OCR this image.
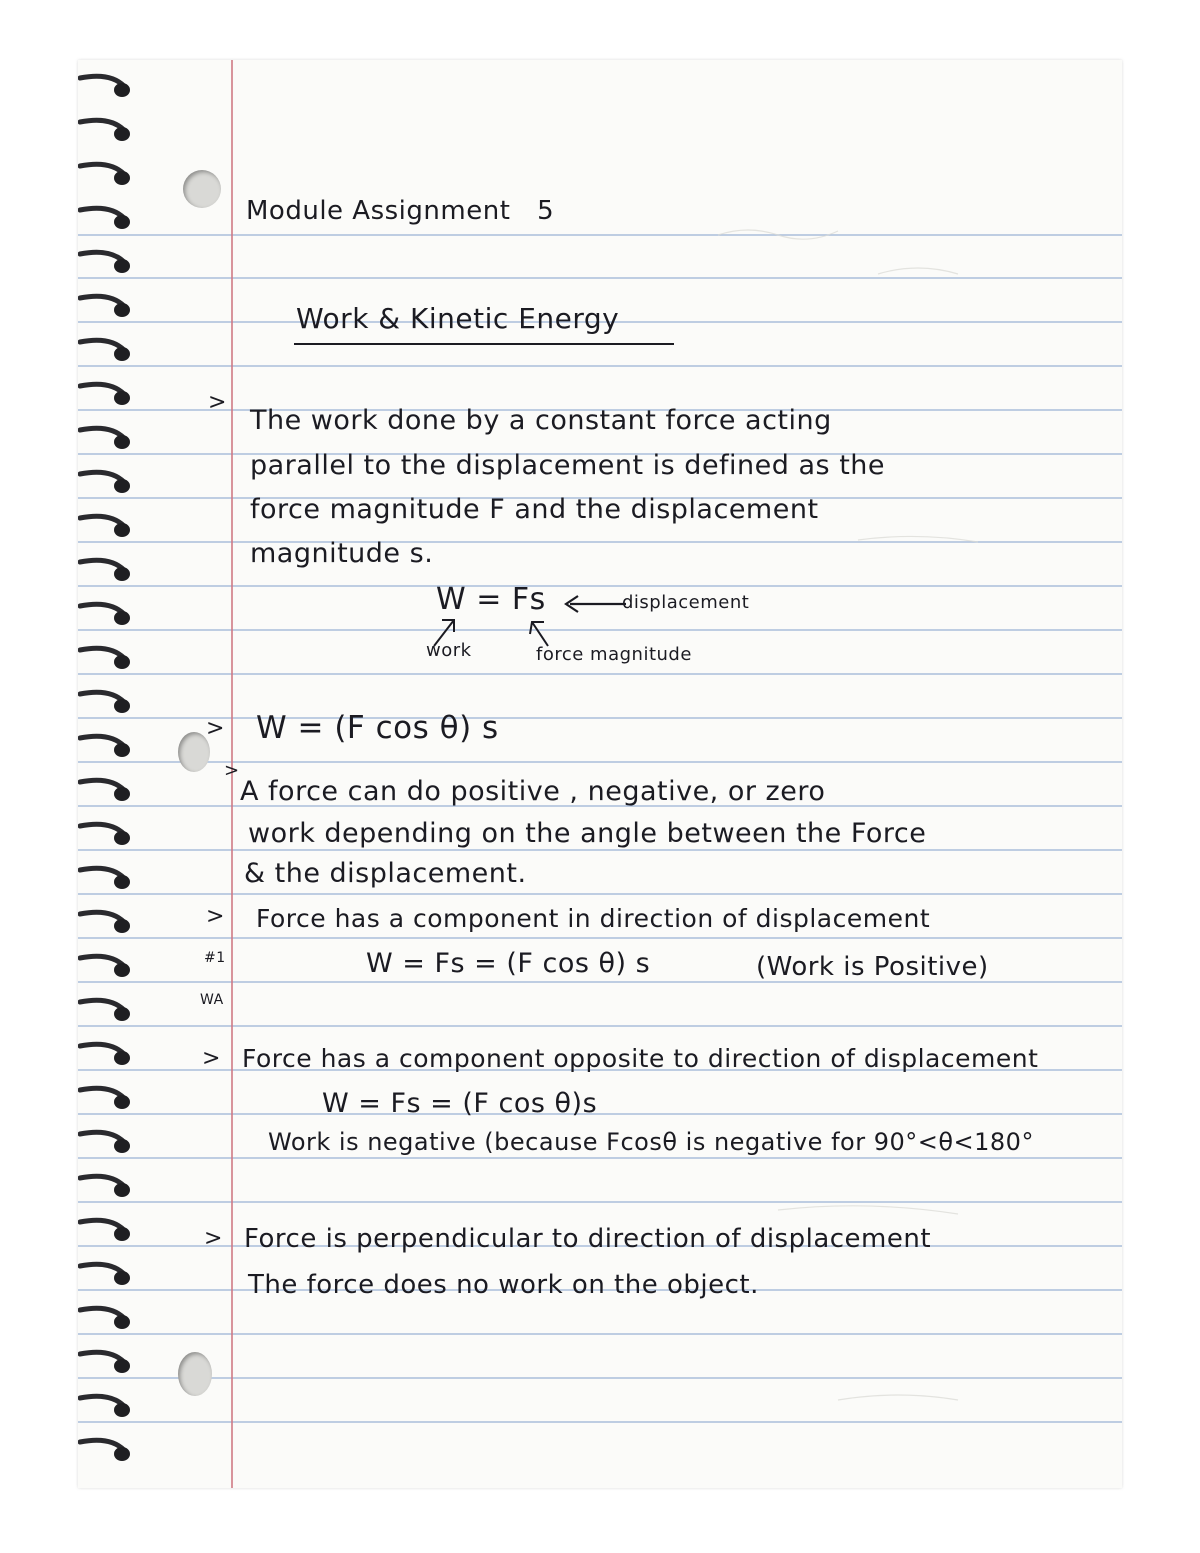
Module Assignment 5
Work & Kinetic Energy
>
The work done by a constant force acting
parallel to the displacement is defined as the
force magnitude F and the displacement
magnitude s.
W = Fs	displacement
work	force magnitude
> W = (F cos θ) s
>
A force can do positive , negative, or zero
work depending on the angle between the Force
& the displacement.
> Force has a component in direction of displacement
#1	W = Fs = (F cos θ) s	(Work is Positive)
WA
> Force has a component opposite to direction of displacement
W = Fs = (F cos θ)s
Work is negative (because Fcosθ is negative for 90°<θ<180°
> Force is perpendicular to direction of displacement
The force does no work on the object.
